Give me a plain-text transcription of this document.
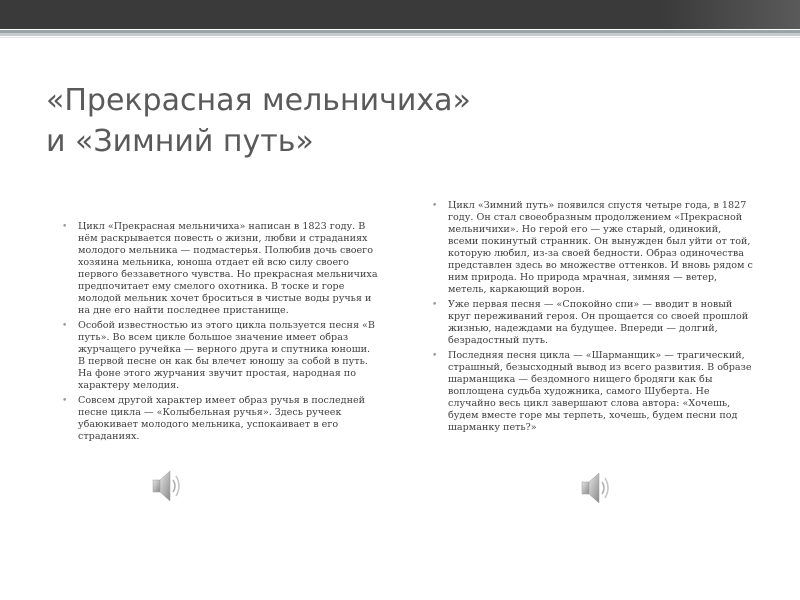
«Прекрасная мельничиха»
и «Зимний путь»
• Цикл «Прекрасная мельничиха» написан в 1823 году. В нём раскрывается повесть о жизни, любви и страданиях молодого мельника — подмастерья. Полюбив дочь своего хозяина мельника, юноша отдает ей всю силу своего первого беззаветного чувства. Но прекрасная мельничиха предпочитает ему смелого охотника. В тоске и горе молодой мельник хочет броситься в чистые воды ручья и на дне его найти последнее пристанище.
• Особой известностью из этого цикла пользуется песня «В путь». Во всем цикле большое значение имеет образ журчащего ручейка — верного друга и спутника юноши. В первой песне он как бы влечет юношу за собой в путь. На фоне этого журчания звучит простая, народная по характеру мелодия.
• Совсем другой характер имеет образ ручья в последней песне цикла — «Колыбельная ручья». Здесь ручеек убаюкивает молодого мельника, успокаивает в его страданиях.
• Цикл «Зимний путь» появился спустя четыре года, в 1827 году. Он стал своеобразным продолжением «Прекрасной мельничихи». Но герой его — уже старый, одинокий, всеми покинутый странник. Он вынужден был уйти от той, которую любил, из-за своей бедности. Образ одиночества представлен здесь во множестве оттенков. И вновь рядом с ним природа. Но природа мрачная, зимняя — ветер, метель, каркающий ворон.
• Уже первая песня — «Спокойно спи» — вводит в новый круг переживаний героя. Он прощается со своей прошлой жизнью, надеждами на будущее. Впереди — долгий, безрадостный путь.
• Последняя песня цикла — «Шарманщик» — трагический, страшный, безысходный вывод из всего развития. В образе шарманщика — бездомного нищего бродяги как бы воплощена судьба художника, самого Шуберта. Не случайно весь цикл завершают слова автора: «Хочешь, будем вместе горе мы терпеть, хочешь, будем песни под шарманку петь?»
